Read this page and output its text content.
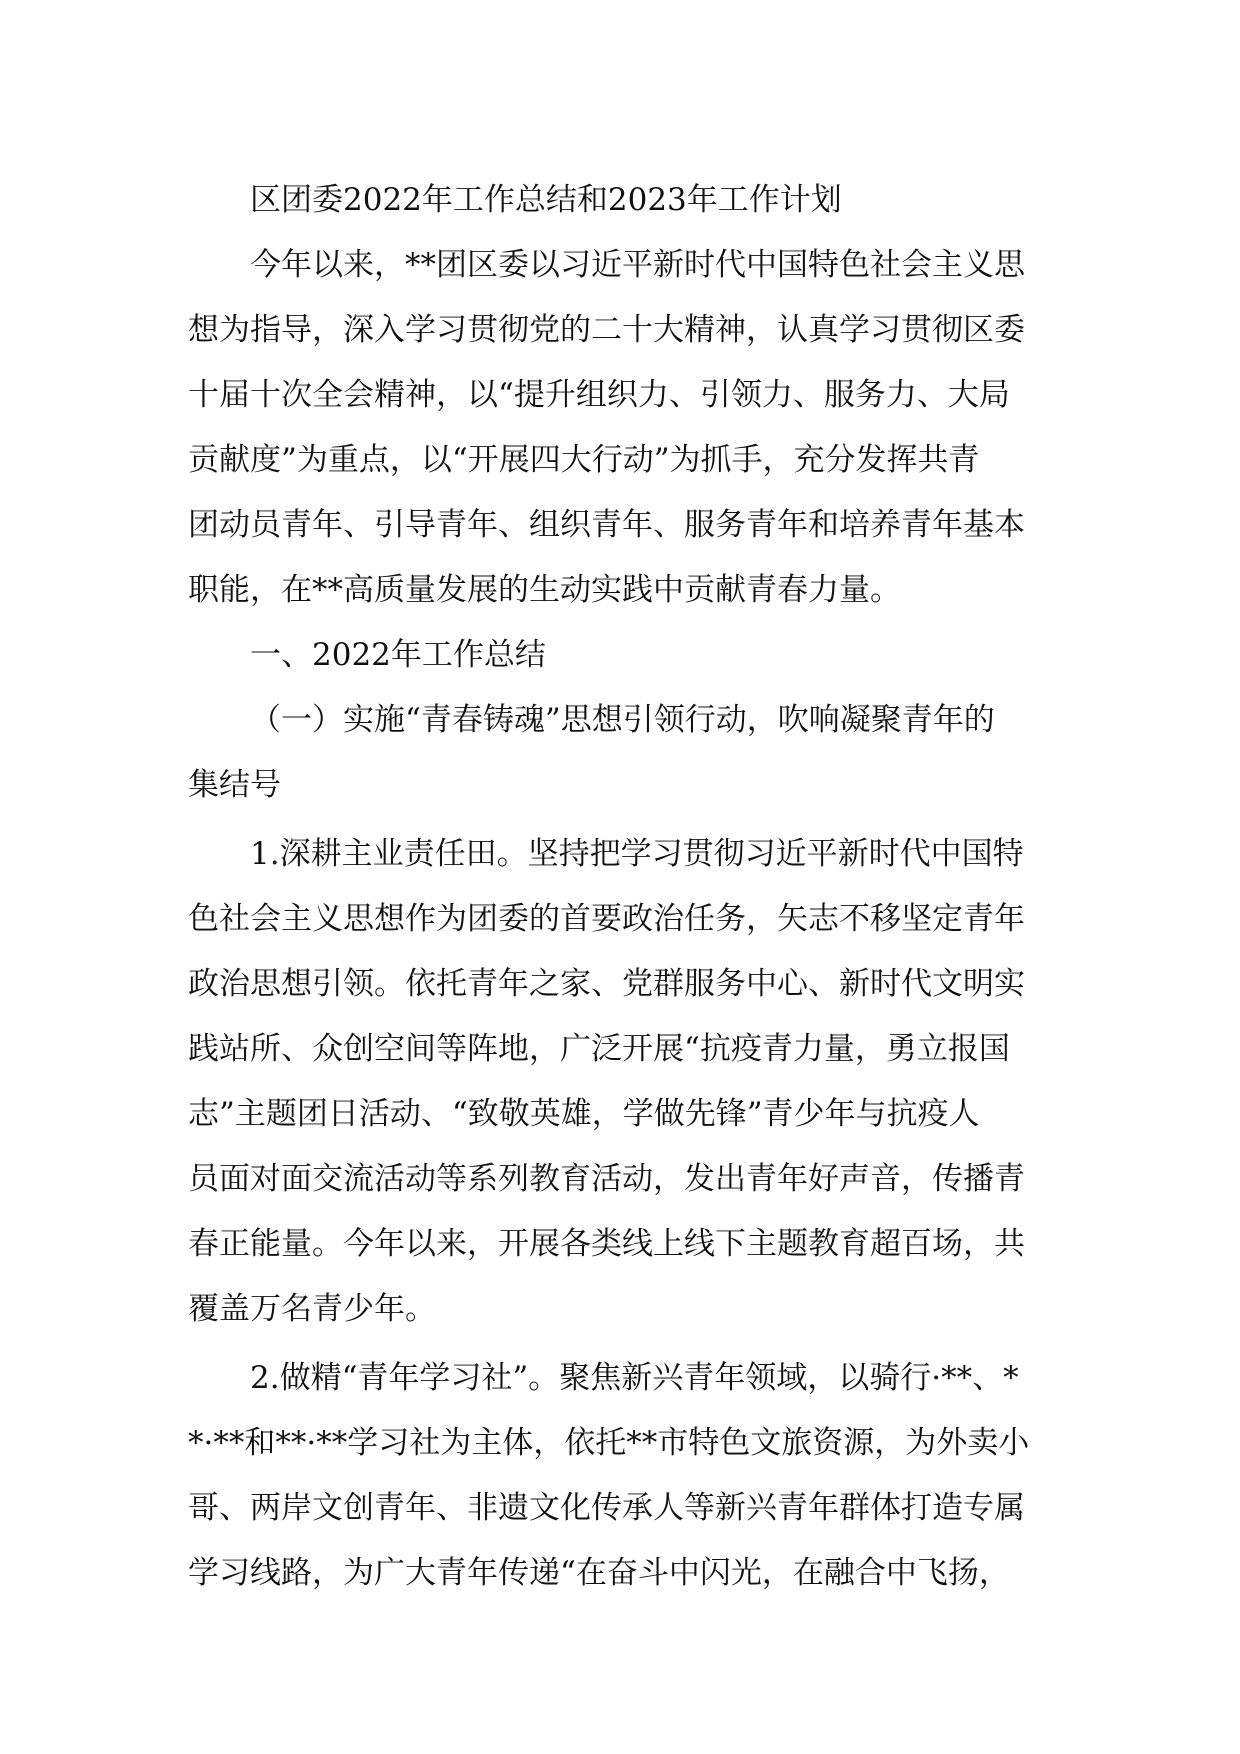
区团委2022年工作总结和2023年工作计划
今年以来，**团区委以习近平新时代中国特色社会主义思
想为指导，深入学习贯彻党的二十大精神，认真学习贯彻区委
十届十次全会精神，以“提升组织力、引领力、服务力、大局
贡献度”为重点，以“开展四大行动”为抓手，充分发挥共青
团动员青年、引导青年、组织青年、服务青年和培养青年基本
职能，在**高质量发展的生动实践中贡献青春力量。
一、2022年工作总结
（一）实施“青春铸魂”思想引领行动，吹响凝聚青年的
集结号
1.深耕主业责任田。坚持把学习贯彻习近平新时代中国特
色社会主义思想作为团委的首要政治任务，矢志不移坚定青年
政治思想引领。依托青年之家、党群服务中心、新时代文明实
践站所、众创空间等阵地，广泛开展“抗疫青力量，勇立报国
志”主题团日活动、“致敬英雄，学做先锋”青少年与抗疫人
员面对面交流活动等系列教育活动，发出青年好声音，传播青
春正能量。今年以来，开展各类线上线下主题教育超百场，共
覆盖万名青少年。
2.做精“青年学习社”。聚焦新兴青年领域，以骑行·**、*
*·**和**·**学习社为主体，依托**市特色文旅资源，为外卖小
哥、两岸文创青年、非遗文化传承人等新兴青年群体打造专属
学习线路，为广大青年传递“在奋斗中闪光，在融合中飞扬，
